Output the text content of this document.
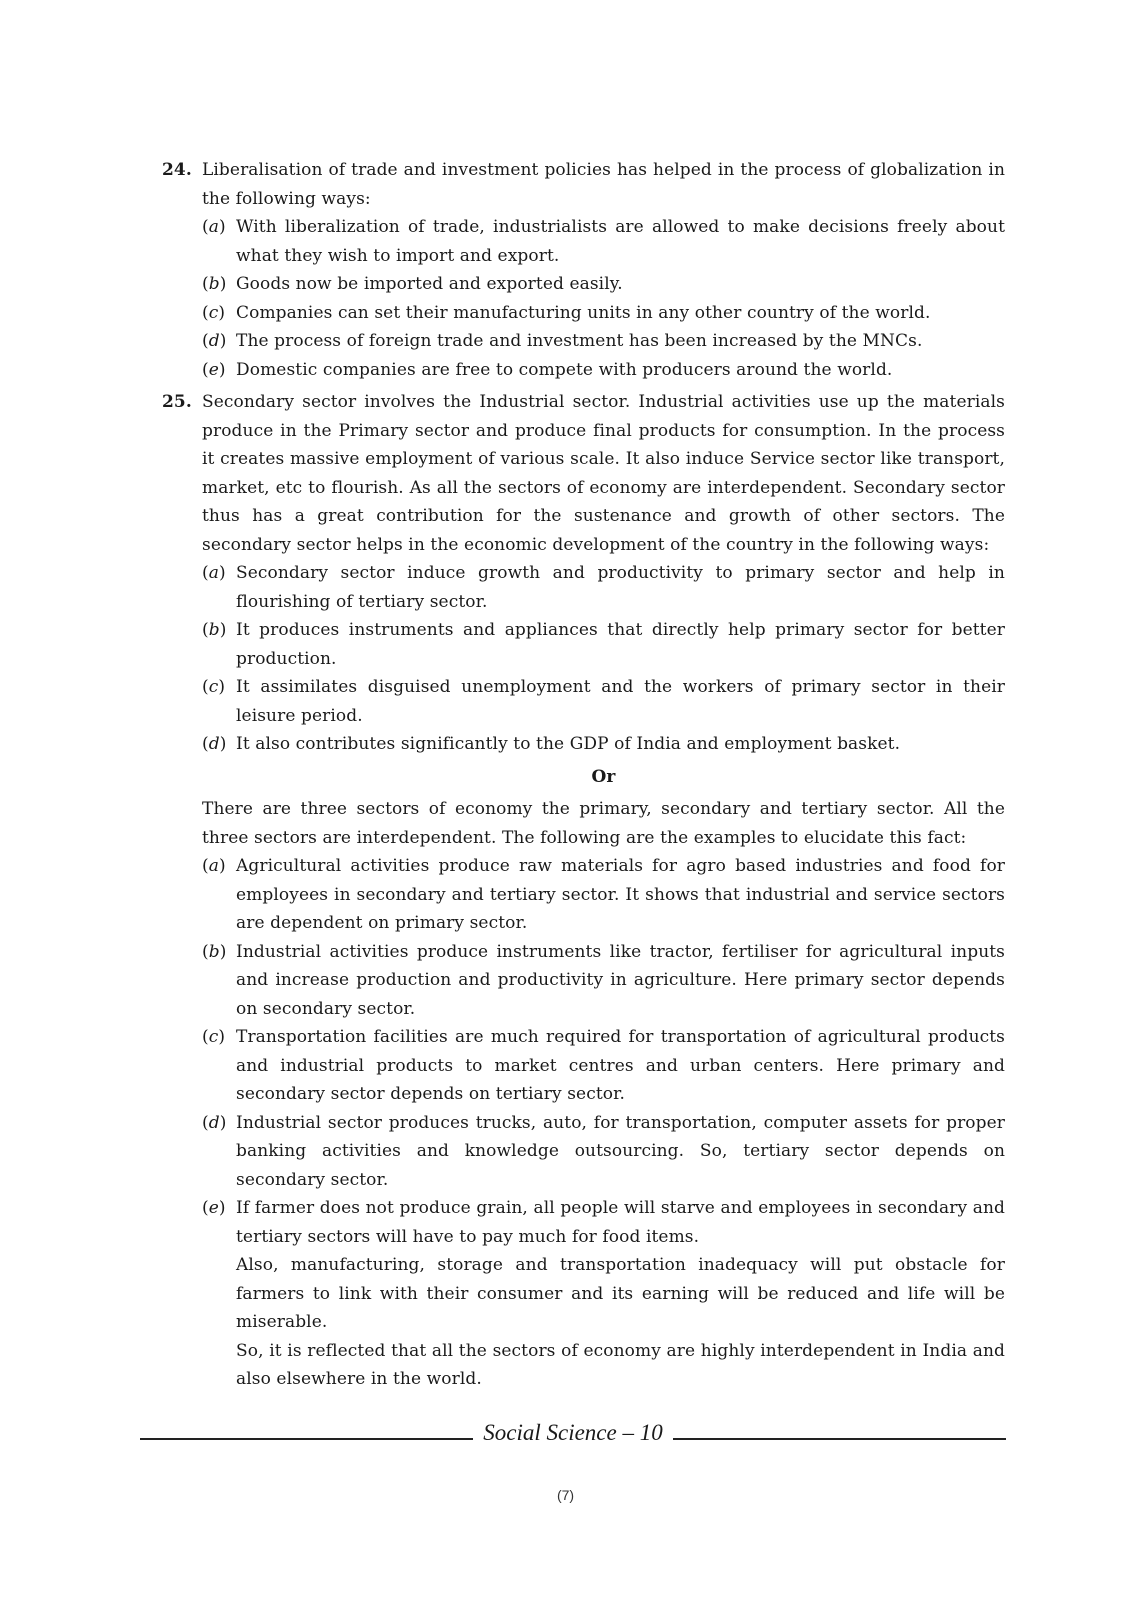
24. Liberalisation of trade and investment policies has helped in the process of globalization in the following ways:
(a) With liberalization of trade, industrialists are allowed to make decisions freely about what they wish to import and export.
(b) Goods now be imported and exported easily.
(c) Companies can set their manufacturing units in any other country of the world.
(d) The process of foreign trade and investment has been increased by the MNCs.
(e) Domestic companies are free to compete with producers around the world.
25. Secondary sector involves the Industrial sector. Industrial activities use up the materials produce in the Primary sector and produce final products for consumption. In the process it creates massive employment of various scale. It also induce Service sector like transport, market, etc to flourish. As all the sectors of economy are interdependent. Secondary sector thus has a great contribution for the sustenance and growth of other sectors. The secondary sector helps in the economic development of the country in the following ways:
(a) Secondary sector induce growth and productivity to primary sector and help in flourishing of tertiary sector.
(b) It produces instruments and appliances that directly help primary sector for better production.
(c) It assimilates disguised unemployment and the workers of primary sector in their leisure period.
(d) It also contributes significantly to the GDP of India and employment basket.
Or
There are three sectors of economy the primary, secondary and tertiary sector. All the three sectors are interdependent. The following are the examples to elucidate this fact:
(a) Agricultural activities produce raw materials for agro based industries and food for employees in secondary and tertiary sector. It shows that industrial and service sectors are dependent on primary sector.
(b) Industrial activities produce instruments like tractor, fertiliser for agricultural inputs and increase production and productivity in agriculture. Here primary sector depends on secondary sector.
(c) Transportation facilities are much required for transportation of agricultural products and industrial products to market centres and urban centers. Here primary and secondary sector depends on tertiary sector.
(d) Industrial sector produces trucks, auto, for transportation, computer assets for proper banking activities and knowledge outsourcing. So, tertiary sector depends on secondary sector.
(e) If farmer does not produce grain, all people will starve and employees in secondary and tertiary sectors will have to pay much for food items.
Also, manufacturing, storage and transportation inadequacy will put obstacle for farmers to link with their consumer and its earning will be reduced and life will be miserable.
So, it is reflected that all the sectors of economy are highly interdependent in India and also elsewhere in the world.
Social Science – 10
(7)
